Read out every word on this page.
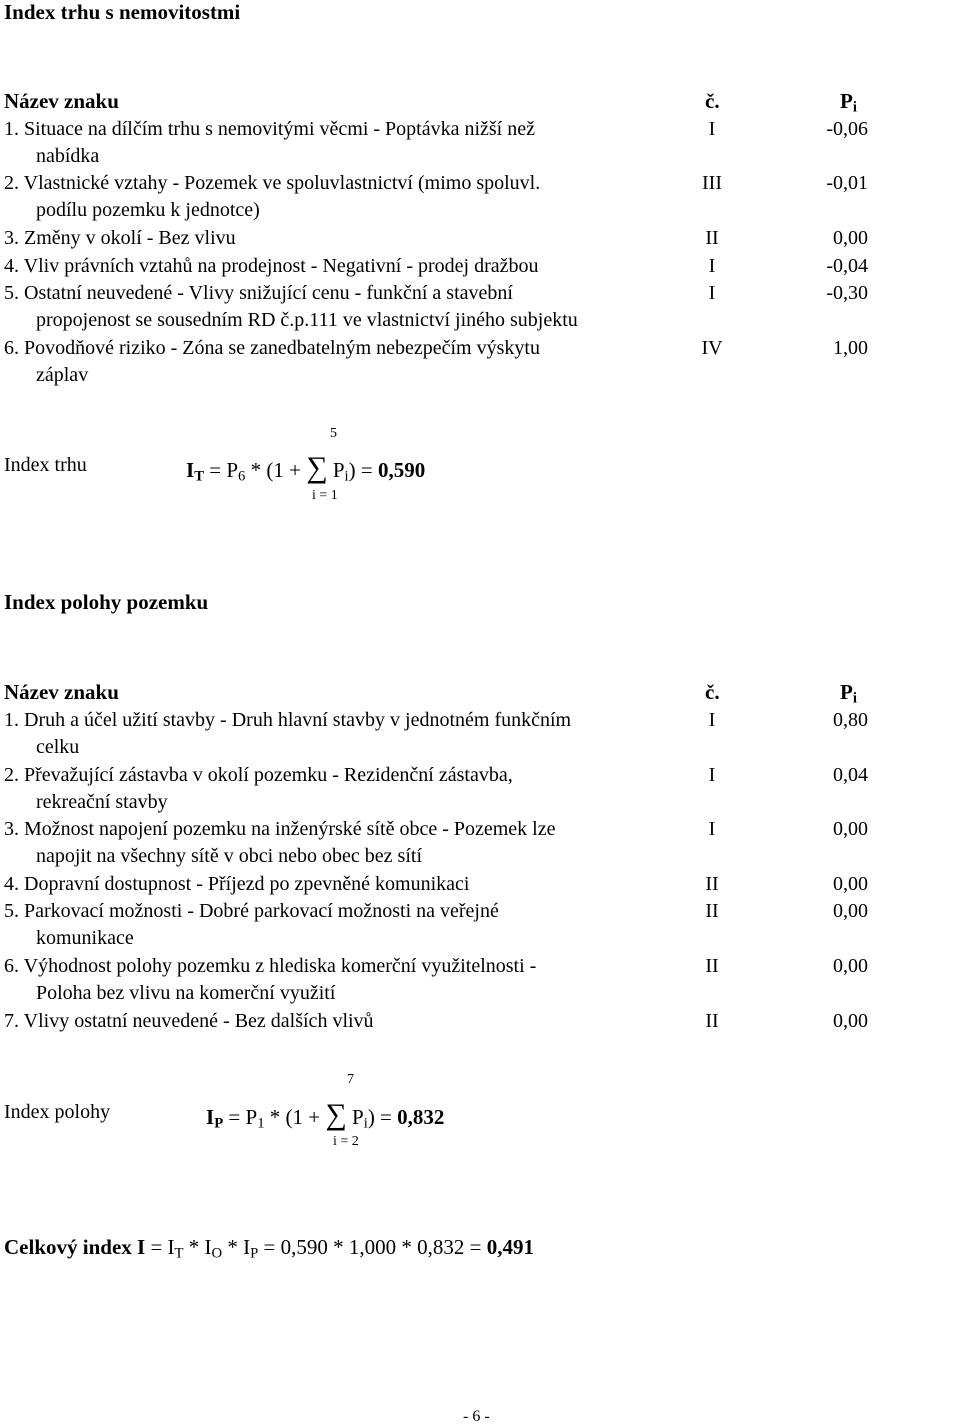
Index trhu s nemovitostmi
Název znaku	č.	$P_i$
1. Situace na dílčím trhu s nemovitými věcmi - Poptávka nižší než	I	-0,06
nabídka
2. Vlastnické vztahy - Pozemek ve spoluvlastnictví (mimo spoluvl.	III	-0,01
podílu pozemku k jednotce)
3. Změny v okolí - Bez vlivu	II	0,00
4. Vliv právních vztahů na prodejnost - Negativní - prodej dražbou	I	-0,04
5. Ostatní neuvedené - Vlivy snižující cenu - funkční a stavební	I	-0,30
propojenost se sousedním RD č.p.111 ve vlastnictví jiného subjektu
6. Povodňové riziko - Zóna se zanedbatelným nebezpečím výskytu	IV	1,00
záplav
Index trhu
5
i = 1
$I_T = P_6 * (1$ + ∑ $P_i) = 0,590$
Index polohy pozemku
Název znaku	č.	$P_i$
1. Druh a účel užití stavby - Druh hlavní stavby v jednotném funkčním	I	0,80
celku
2. Převažující zástavba v okolí pozemku - Rezidenční zástavba,	I	0,04
rekreační stavby
3. Možnost napojení pozemku na inženýrské sítě obce - Pozemek lze	I	0,00
napojit na všechny sítě v obci nebo obec bez sítí
4. Dopravní dostupnost - Příjezd po zpevněné komunikaci	II	0,00
5. Parkovací možnosti - Dobré parkovací možnosti na veřejné	II	0,00
komunikace
6. Výhodnost polohy pozemku z hlediska komerční využitelnosti -	II	0,00
Poloha bez vlivu na komerční využití
7. Vlivy ostatní neuvedené - Bez dalších vlivů	II	0,00
Index polohy
7
i = 2
$I_P = P_1 * (1$ + ∑ $P_i) = 0,832$
Celkový index $I = I_T * I_O * I_P = 0,590 * 1,000 * 0,832 = 0,491$
- 6 -
